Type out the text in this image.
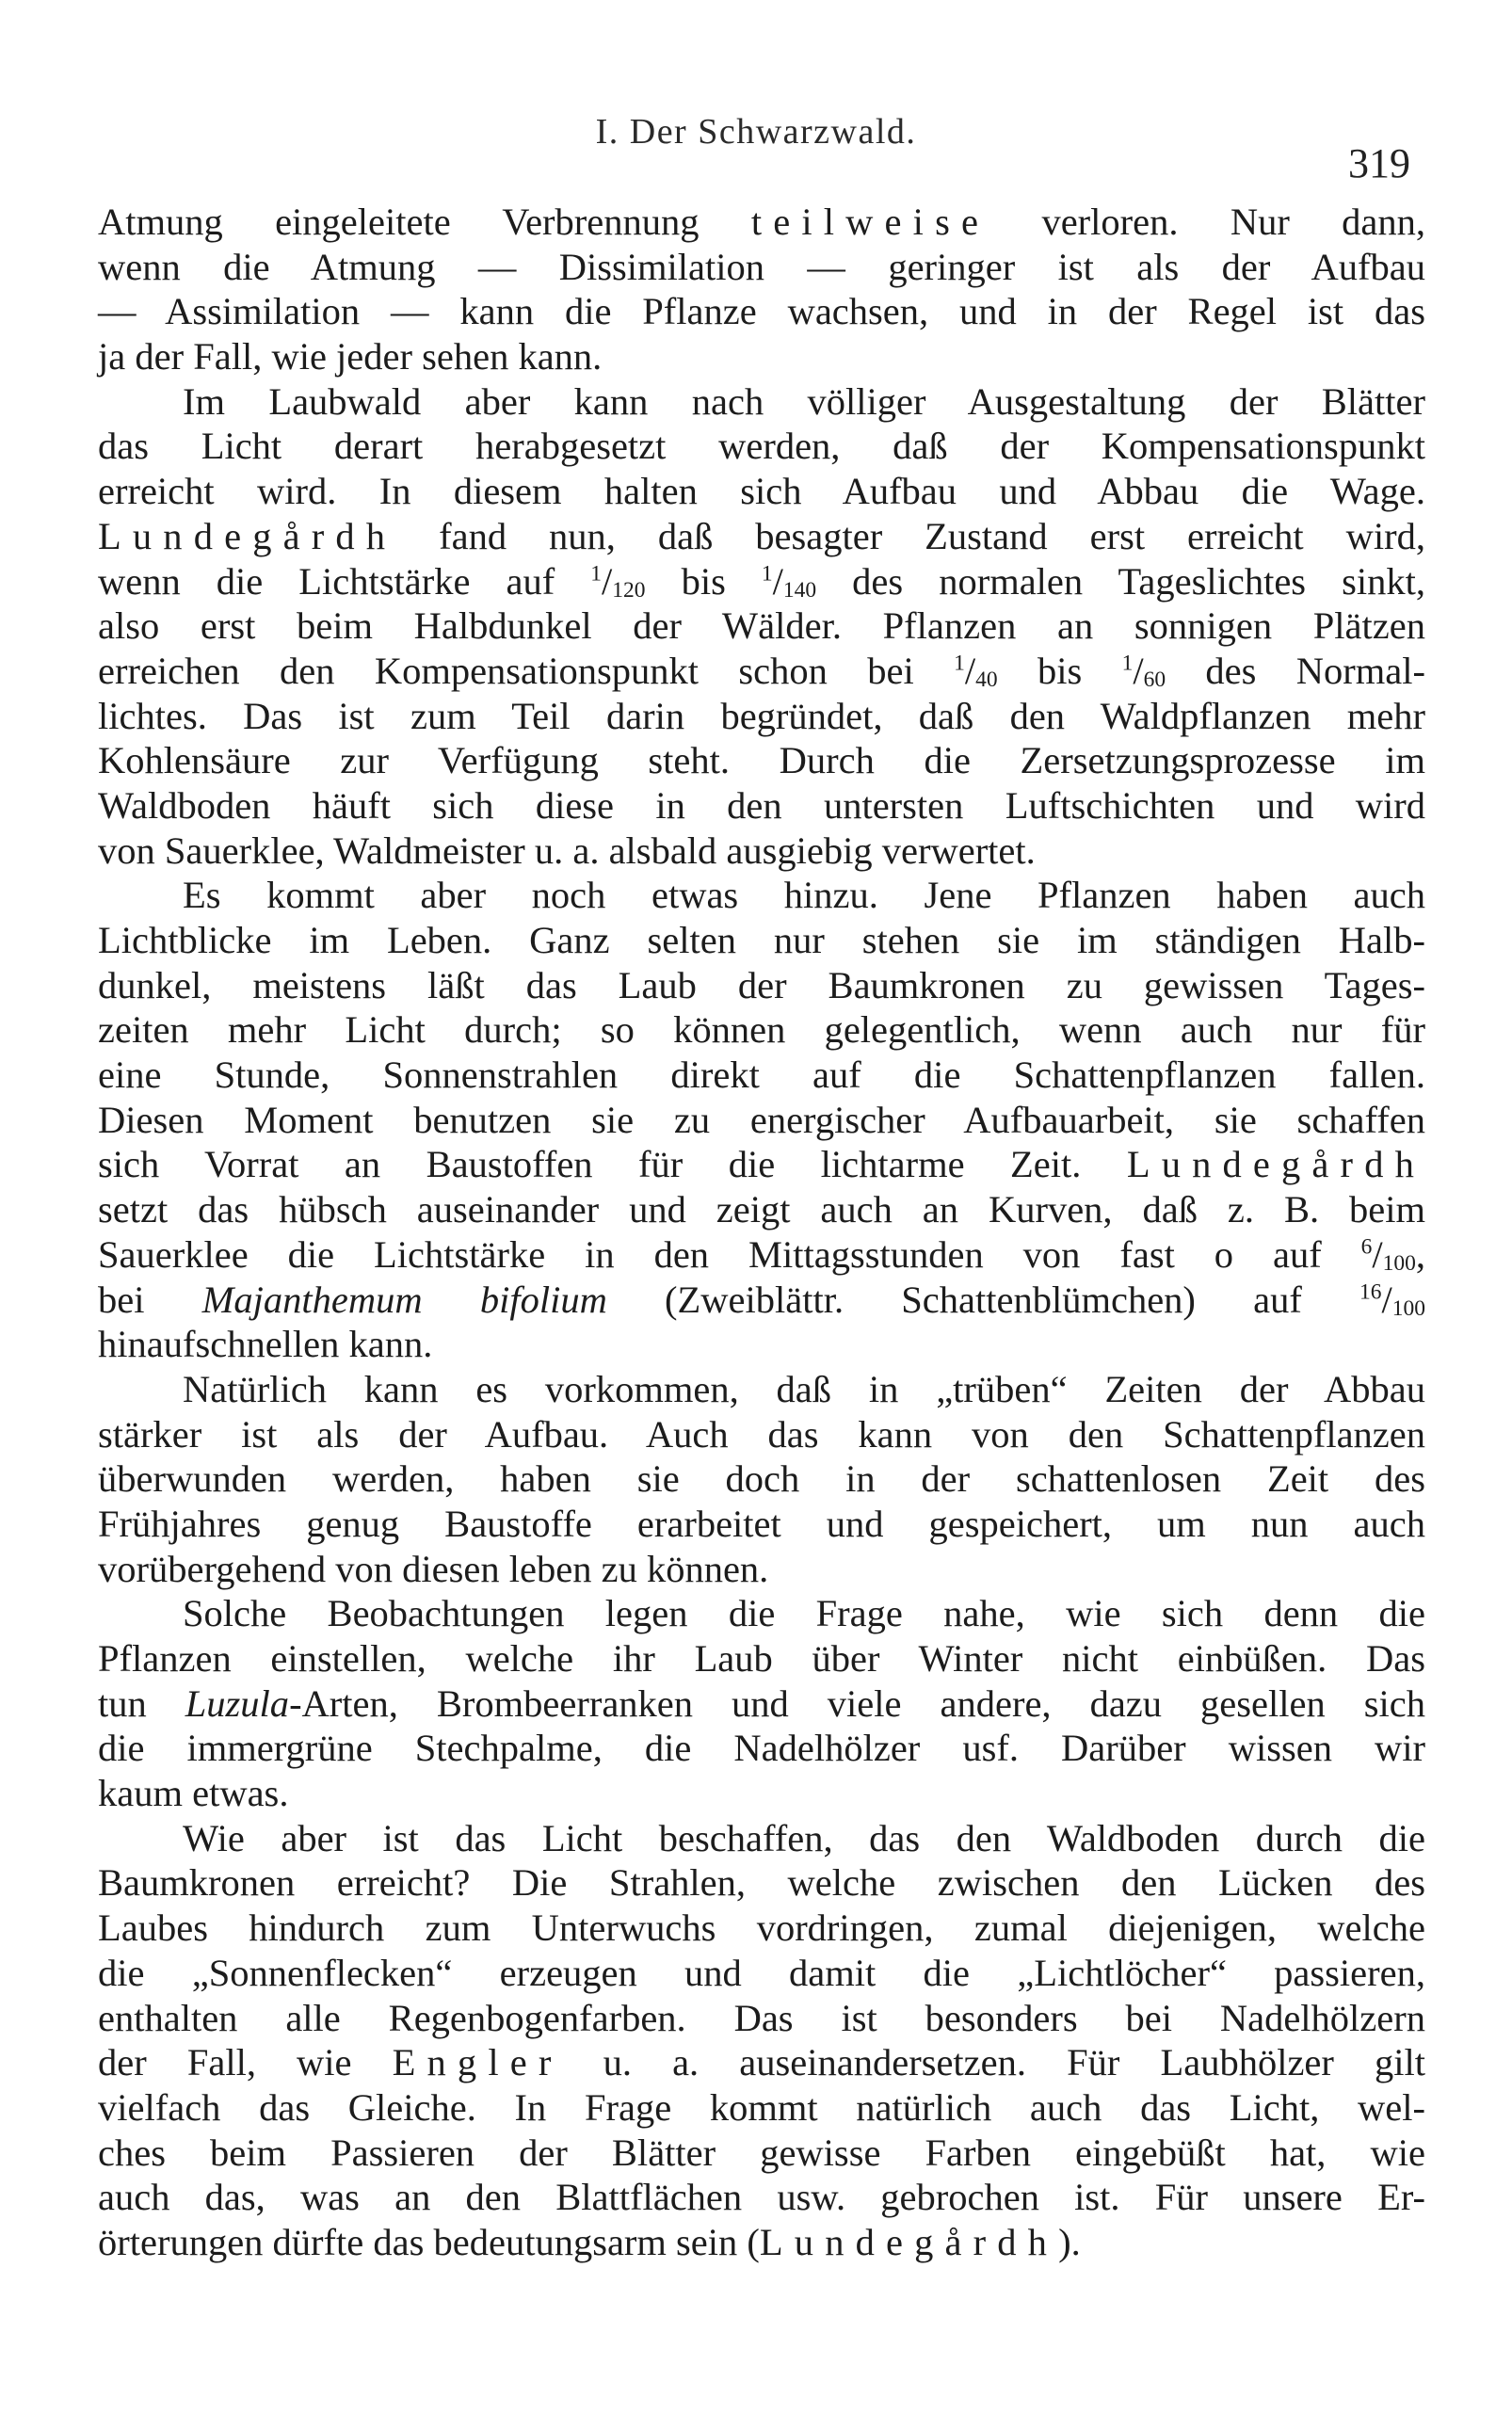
I. Der Schwarzwald.
319
Atmung eingeleitete Verbrennung teilweise verloren. Nur dann,
wenn die Atmung — Dissimilation — geringer ist als der Aufbau
— Assimilation — kann die Pflanze wachsen, und in der Regel ist das
ja der Fall, wie jeder sehen kann.
Im Laubwald aber kann nach völliger Ausgestaltung der Blätter
das Licht derart herabgesetzt werden, daß der Kompensationspunkt
erreicht wird. In diesem halten sich Aufbau und Abbau die Wage.
Lundegårdh fand nun, daß besagter Zustand erst erreicht wird,
wenn die Lichtstärke auf $^1/_{120}$ bis $^1/_{140}$ des normalen Tageslichtes sinkt,
also erst beim Halbdunkel der Wälder. Pflanzen an sonnigen Plätzen
erreichen den Kompensationspunkt schon bei $^1/_{40}$ bis $^1/_{60}$ des Normal-
lichtes. Das ist zum Teil darin begründet, daß den Waldpflanzen mehr
Kohlensäure zur Verfügung steht. Durch die Zersetzungsprozesse im
Waldboden häuft sich diese in den untersten Luftschichten und wird
von Sauerklee, Waldmeister u. a. alsbald ausgiebig verwertet.
Es kommt aber noch etwas hinzu. Jene Pflanzen haben auch
Lichtblicke im Leben. Ganz selten nur stehen sie im ständigen Halb-
dunkel, meistens läßt das Laub der Baumkronen zu gewissen Tages-
zeiten mehr Licht durch; so können gelegentlich, wenn auch nur für
eine Stunde, Sonnenstrahlen direkt auf die Schattenpflanzen fallen.
Diesen Moment benutzen sie zu energischer Aufbauarbeit, sie schaffen
sich Vorrat an Baustoffen für die lichtarme Zeit. Lundegårdh
setzt das hübsch auseinander und zeigt auch an Kurven, daß z. B. beim
Sauerklee die Lichtstärke in den Mittagsstunden von fast o auf $^6/_{100}$,
bei Majanthemum bifolium (Zweiblättr. Schattenblümchen) auf $^{16}/_{100}$
hinaufschnellen kann.
Natürlich kann es vorkommen, daß in „trüben“ Zeiten der Abbau
stärker ist als der Aufbau. Auch das kann von den Schattenpflanzen
überwunden werden, haben sie doch in der schattenlosen Zeit des
Frühjahres genug Baustoffe erarbeitet und gespeichert, um nun auch
vorübergehend von diesen leben zu können.
Solche Beobachtungen legen die Frage nahe, wie sich denn die
Pflanzen einstellen, welche ihr Laub über Winter nicht einbüßen. Das
tun Luzula-Arten, Brombeerranken und viele andere, dazu gesellen sich
die immergrüne Stechpalme, die Nadelhölzer usf. Darüber wissen wir
kaum etwas.
Wie aber ist das Licht beschaffen, das den Waldboden durch die
Baumkronen erreicht? Die Strahlen, welche zwischen den Lücken des
Laubes hindurch zum Unterwuchs vordringen, zumal diejenigen, welche
die „Sonnenflecken“ erzeugen und damit die „Lichtlöcher“ passieren,
enthalten alle Regenbogenfarben. Das ist besonders bei Nadelhölzern
der Fall, wie Engler u. a. auseinandersetzen. Für Laubhölzer gilt
vielfach das Gleiche. In Frage kommt natürlich auch das Licht, wel-
ches beim Passieren der Blätter gewisse Farben eingebüßt hat, wie
auch das, was an den Blattflächen usw. gebrochen ist. Für unsere Er-
örterungen dürfte das bedeutungsarm sein (Lundegårdh).
